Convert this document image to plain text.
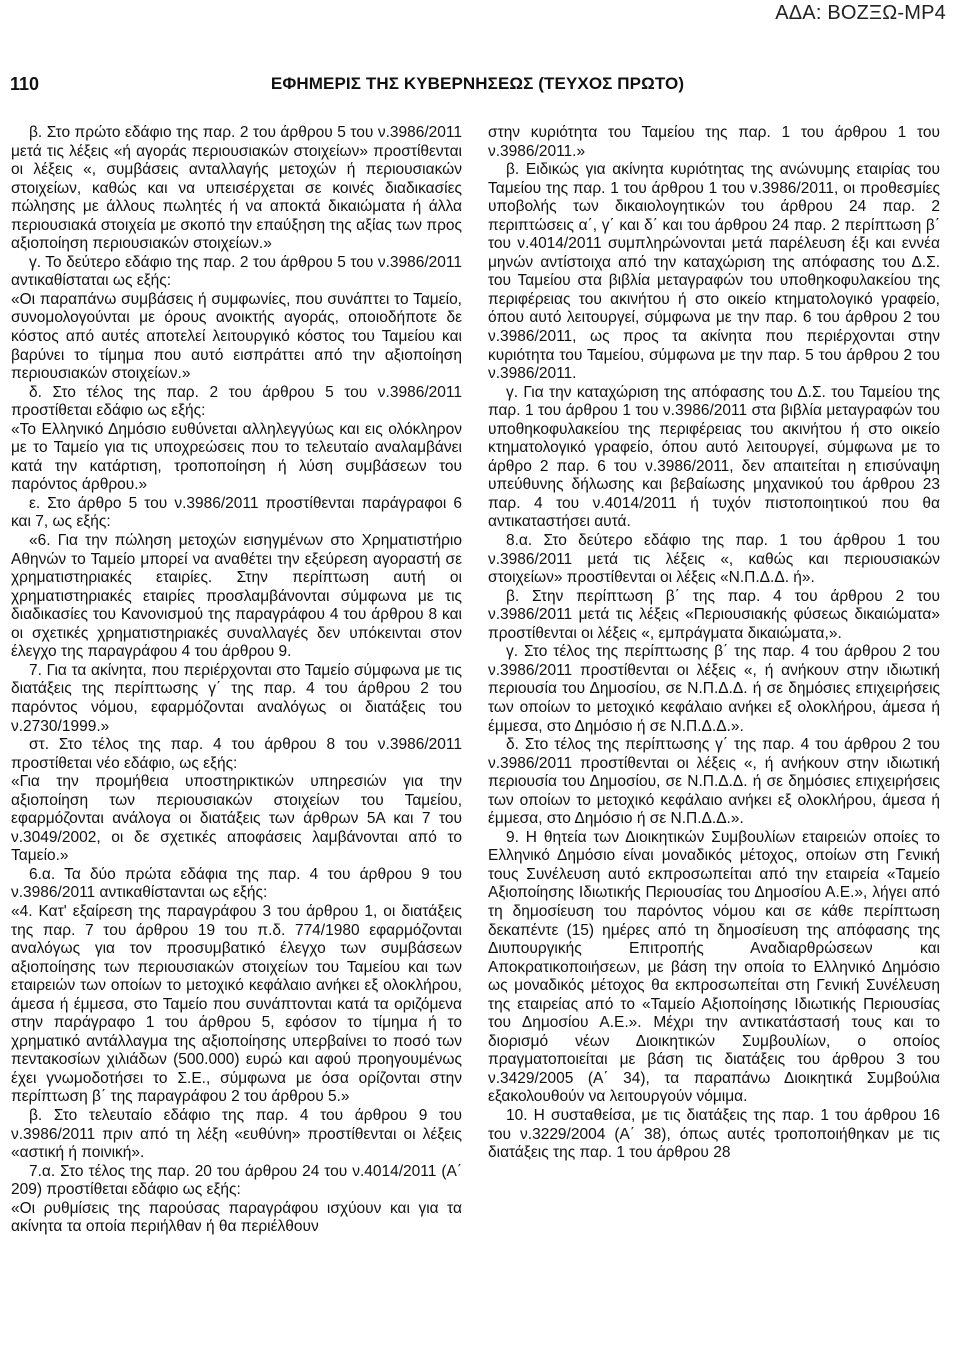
ΑΔΑ: ΒΟΖΞΩ-ΜΡ4
110	ΕΦΗΜΕΡΙΣ ΤΗΣ ΚΥΒΕΡΝΗΣΕΩΣ (ΤΕΥΧΟΣ ΠΡΩΤΟ)

β. Στο πρώτο εδάφιο της παρ. 2 του άρθρου 5 του ν.3986/2011 μετά τις λέξεις «ή αγοράς περιουσιακών στοιχείων» προστίθενται οι λέξεις «, συμβάσεις ανταλλαγής μετοχών ή περιουσιακών στοιχείων, καθώς και να υπεισέρχεται σε κοινές διαδικασίες πώλησης με άλλους πωλητές ή να αποκτά δικαιώματα ή άλλα περιουσιακά στοιχεία με σκοπό την επαύξηση της αξίας των προς αξιοποίηση περιουσιακών στοιχείων.»

γ. Το δεύτερο εδάφιο της παρ. 2 του άρθρου 5 του ν.3986/2011 αντικαθίσταται ως εξής:

«Οι παραπάνω συμβάσεις ή συμφωνίες, που συνάπτει το Ταμείο, συνομολογούνται με όρους ανοικτής αγοράς, οποιοδήποτε δε κόστος από αυτές αποτελεί λειτουργικό κόστος του Ταμείου και βαρύνει το τίμημα που αυτό εισπράττει από την αξιοποίηση περιουσιακών στοιχείων.»

δ. Στο τέλος της παρ. 2 του άρθρου 5 του ν.3986/2011 προστίθεται εδάφιο ως εξής:

«Το Ελληνικό Δημόσιο ευθύνεται αλληλεγγύως και εις ολόκληρον με το Ταμείο για τις υποχρεώσεις που το τελευταίο αναλαμβάνει κατά την κατάρτιση, τροποποίηση ή λύση συμβάσεων του παρόντος άρθρου.»

ε. Στο άρθρο 5 του ν.3986/2011 προστίθενται παράγραφοι 6 και 7, ως εξής:

«6. Για την πώληση μετοχών εισηγμένων στο Χρηματιστήριο Αθηνών το Ταμείο μπορεί να αναθέτει την εξεύρεση αγοραστή σε χρηματιστηριακές εταιρίες. Στην περίπτωση αυτή οι χρηματιστηριακές εταιρίες προσλαμβάνονται σύμφωνα με τις διαδικασίες του Κανονισμού της παραγράφου 4 του άρθρου 8 και οι σχετικές χρηματιστηριακές συναλλαγές δεν υπόκεινται στον έλεγχο της παραγράφου 4 του άρθρου 9.

7. Για τα ακίνητα, που περιέρχονται στο Ταμείο σύμφωνα με τις διατάξεις της περίπτωσης γ΄ της παρ. 4 του άρθρου 2 του παρόντος νόμου, εφαρμόζονται αναλόγως οι διατάξεις του ν.2730/1999.»

στ. Στο τέλος της παρ. 4 του άρθρου 8 του ν.3986/2011 προστίθεται νέο εδάφιο, ως εξής:

«Για την προμήθεια υποστηρικτικών υπηρεσιών για την αξιοποίηση των περιουσιακών στοιχείων του Ταμείου, εφαρμόζονται ανάλογα οι διατάξεις των άρθρων 5Α και 7 του ν.3049/2002, οι δε σχετικές αποφάσεις λαμβάνονται από το Ταμείο.»

6.α. Τα δύο πρώτα εδάφια της παρ. 4 του άρθρου 9 του ν.3986/2011 αντικαθίστανται ως εξής:

«4. Κατ' εξαίρεση της παραγράφου 3 του άρθρου 1, οι διατάξεις της παρ. 7 του άρθρου 19 του π.δ. 774/1980 εφαρμόζονται αναλόγως για τον προσυμβατικό έλεγχο των συμβάσεων αξιοποίησης των περιουσιακών στοιχείων του Ταμείου και των εταιρειών των οποίων το μετοχικό κεφάλαιο ανήκει εξ ολοκλήρου, άμεσα ή έμμεσα, στο Ταμείο που συνάπτονται κατά τα οριζόμενα στην παράγραφο 1 του άρθρου 5, εφόσον το τίμημα ή το χρηματικό αντάλλαγμα της αξιοποίησης υπερβαίνει το ποσό των πεντακοσίων χιλιάδων (500.000) ευρώ και αφού προηγουμένως έχει γνωμοδοτήσει το Σ.Ε., σύμφωνα με όσα ορίζονται στην περίπτωση β΄ της παραγράφου 2 του άρθρου 5.»

β. Στο τελευταίο εδάφιο της παρ. 4 του άρθρου 9 του ν.3986/2011 πριν από τη λέξη «ευθύνη» προστίθενται οι λέξεις «αστική ή ποινική».

7.α. Στο τέλος της παρ. 20 του άρθρου 24 του ν.4014/2011 (Α΄ 209) προστίθεται εδάφιο ως εξής:

«Οι ρυθμίσεις της παρούσας παραγράφου ισχύουν και για τα ακίνητα τα οποία περιήλθαν ή θα περιέλθουν

στην κυριότητα του Ταμείου της παρ. 1 του άρθρου 1 του ν.3986/2011.»

β. Ειδικώς για ακίνητα κυριότητας της ανώνυμης εταιρίας του Ταμείου της παρ. 1 του άρθρου 1 του ν.3986/2011, οι προθεσμίες υποβολής των δικαιολογητικών του άρθρου 24 παρ. 2 περιπτώσεις α΄, γ΄ και δ΄ και του άρθρου 24 παρ. 2 περίπτωση β΄ του ν.4014/2011 συμπληρώνονται μετά παρέλευση έξι και εννέα μηνών αντίστοιχα από την καταχώριση της απόφασης του Δ.Σ. του Ταμείου στα βιβλία μεταγραφών του υποθηκοφυλακείου της περιφέρειας του ακινήτου ή στο οικείο κτηματολογικό γραφείο, όπου αυτό λειτουργεί, σύμφωνα με την παρ. 6 του άρθρου 2 του ν.3986/2011, ως προς τα ακίνητα που περιέρχονται στην κυριότητα του Ταμείου, σύμφωνα με την παρ. 5 του άρθρου 2 του ν.3986/2011.

γ. Για την καταχώριση της απόφασης του Δ.Σ. του Ταμείου της παρ. 1 του άρθρου 1 του ν.3986/2011 στα βιβλία μεταγραφών του υποθηκοφυλακείου της περιφέρειας του ακινήτου ή στο οικείο κτηματολογικό γραφείο, όπου αυτό λειτουργεί, σύμφωνα με το άρθρο 2 παρ. 6 του ν.3986/2011, δεν απαιτείται η επισύναψη υπεύθυνης δήλωσης και βεβαίωσης μηχανικού του άρθρου 23 παρ. 4 του ν.4014/2011 ή τυχόν πιστοποιητικού που θα αντικαταστήσει αυτά.

8.α. Στο δεύτερο εδάφιο της παρ. 1 του άρθρου 1 του ν.3986/2011 μετά τις λέξεις «, καθώς και περιουσιακών στοιχείων» προστίθενται οι λέξεις «Ν.Π.Δ.Δ. ή».

β. Στην περίπτωση β΄ της παρ. 4 του άρθρου 2 του ν.3986/2011 μετά τις λέξεις «Περιουσιακής φύσεως δικαιώματα» προστίθενται οι λέξεις «, εμπράγματα δικαιώματα,».

γ. Στο τέλος της περίπτωσης β΄ της παρ. 4 του άρθρου 2 του ν.3986/2011 προστίθενται οι λέξεις «, ή ανήκουν στην ιδιωτική περιουσία του Δημοσίου, σε Ν.Π.Δ.Δ. ή σε δημόσιες επιχειρήσεις των οποίων το μετοχικό κεφάλαιο ανήκει εξ ολοκλήρου, άμεσα ή έμμεσα, στο Δημόσιο ή σε Ν.Π.Δ.Δ.».

δ. Στο τέλος της περίπτωσης γ΄ της παρ. 4 του άρθρου 2 του ν.3986/2011 προστίθενται οι λέξεις «, ή ανήκουν στην ιδιωτική περιουσία του Δημοσίου, σε Ν.Π.Δ.Δ. ή σε δημόσιες επιχειρήσεις των οποίων το μετοχικό κεφάλαιο ανήκει εξ ολοκλήρου, άμεσα ή έμμεσα, στο Δημόσιο ή σε Ν.Π.Δ.Δ.».

9. Η θητεία των Διοικητικών Συμβουλίων εταιρειών οποίες το Ελληνικό Δημόσιο είναι μοναδικός μέτοχος, οποίων στη Γενική τους Συνέλευση αυτό εκπροσωπείται από την εταιρεία «Ταμείο Αξιοποίησης Ιδιωτικής Περιουσίας του Δημοσίου Α.Ε.», λήγει από τη δημοσίευση του παρόντος νόμου και σε κάθε περίπτωση δεκαπέντε (15) ημέρες από τη δημοσίευση της απόφασης της Διυπουργικής Επιτροπής Αναδιαρθρώσεων και Αποκρατικοποιήσεων, με βάση την οποία το Ελληνικό Δημόσιο ως μοναδικός μέτοχος θα εκπροσωπείται στη Γενική Συνέλευση της εταιρείας από το «Ταμείο Αξιοποίησης Ιδιωτικής Περιουσίας του Δημοσίου Α.Ε.». Μέχρι την αντικατάστασή τους και το διορισμό νέων Διοικητικών Συμβουλίων, ο οποίος πραγματοποιείται με βάση τις διατάξεις του άρθρου 3 του ν.3429/2005 (Α΄ 34), τα παραπάνω Διοικητικά Συμβούλια εξακολουθούν να λειτουργούν νόμιμα.

10. Η συσταθείσα, με τις διατάξεις της παρ. 1 του άρθρου 16 του ν.3229/2004 (Α΄ 38), όπως αυτές τροποποιήθηκαν με τις διατάξεις της παρ. 1 του άρθρου 28
